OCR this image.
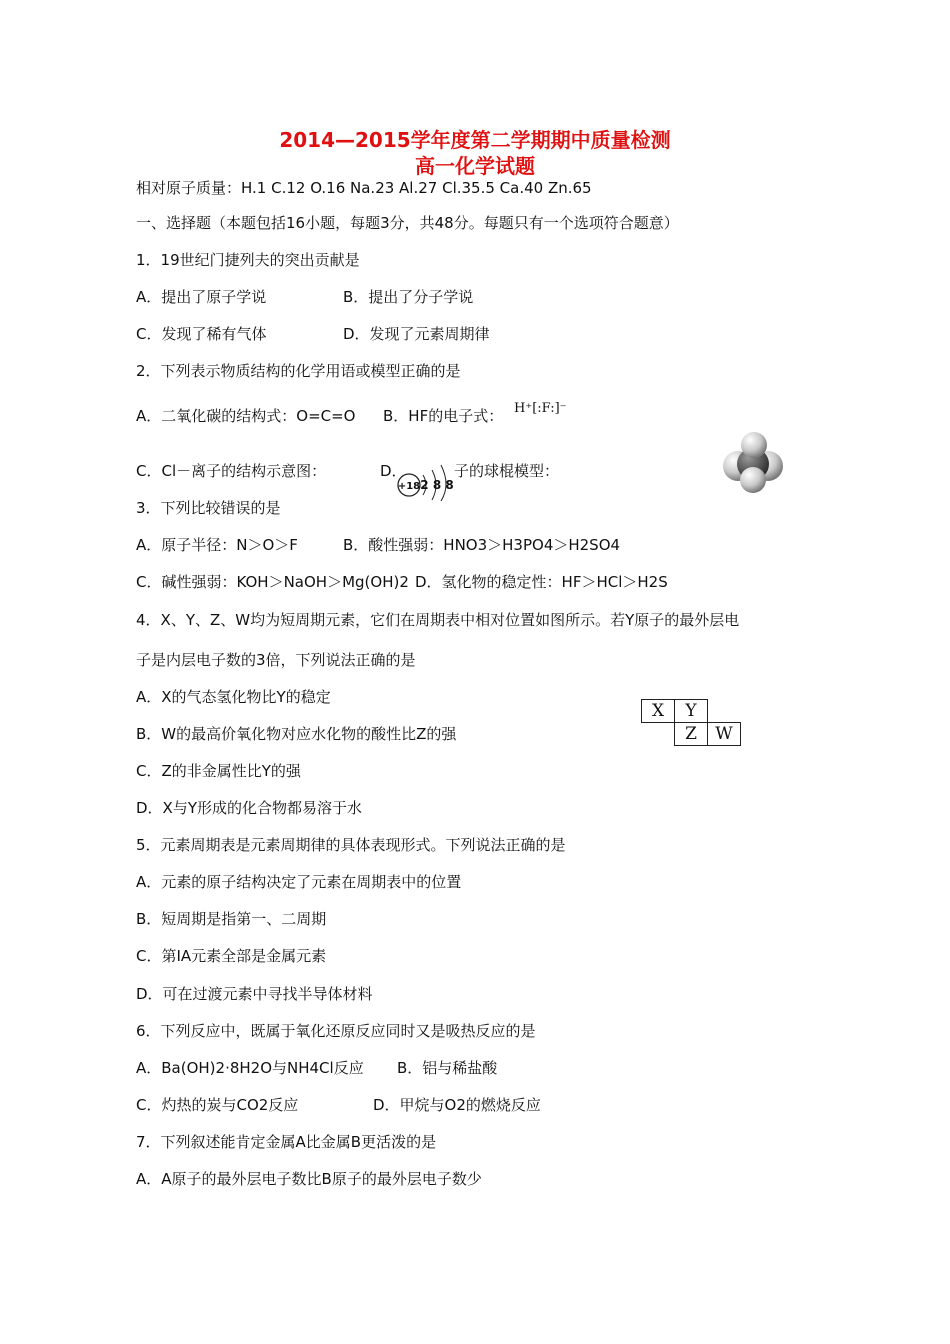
2014—2015学年度第二学期期中质量检测
高一化学试题
相对原子质量：H.1 C.12 O.16 Na.23 Al.27 Cl.35.5 Ca.40 Zn.65
一、选择题（本题包括16小题，每题3分，共48分。每题只有一个选项符合题意）
1．19世纪门捷列夫的突出贡献是
A．提出了原子学说	B．提出了分子学说
C．发现了稀有气体	D．发现了元素周期律
2．下列表示物质结构的化学用语或模型正确的是
A．二氧化碳的结构式：O=C=O B．HF的电子式： H⁺[:F:]⁻
C．Cl－离子的结构示意图：	D．	子的球棍模型：
+18 2 8 8
3．下列比较错误的是
A．原子半径：N＞O＞F	B．酸性强弱：HNO3＞H3PO4＞H2SO4
C．碱性强弱：KOH＞NaOH＞Mg(OH)2 D．氢化物的稳定性：HF＞HCl＞H2S
4．X、Y、Z、W均为短周期元素，它们在周期表中相对位置如图所示。若Y原子的最外层电
子是内层电子数的3倍，下列说法正确的是
A．X的气态氢化物比Y的稳定
B．W的最高价氧化物对应水化物的酸性比Z的强
C．Z的非金属性比Y的强
D．X与Y形成的化合物都易溶于水
X	Y	
	Z	W
5．元素周期表是元素周期律的具体表现形式。下列说法正确的是
A．元素的原子结构决定了元素在周期表中的位置
B．短周期是指第一、二周期
C．第ⅠA元素全部是金属元素
D．可在过渡元素中寻找半导体材料
6．下列反应中，既属于氧化还原反应同时又是吸热反应的是
A．Ba(OH)2·8H2O与NH4Cl反应 B．铝与稀盐酸
C．灼热的炭与CO2反应	D．甲烷与O2的燃烧反应
7．下列叙述能肯定金属A比金属B更活泼的是
A．A原子的最外层电子数比B原子的最外层电子数少
